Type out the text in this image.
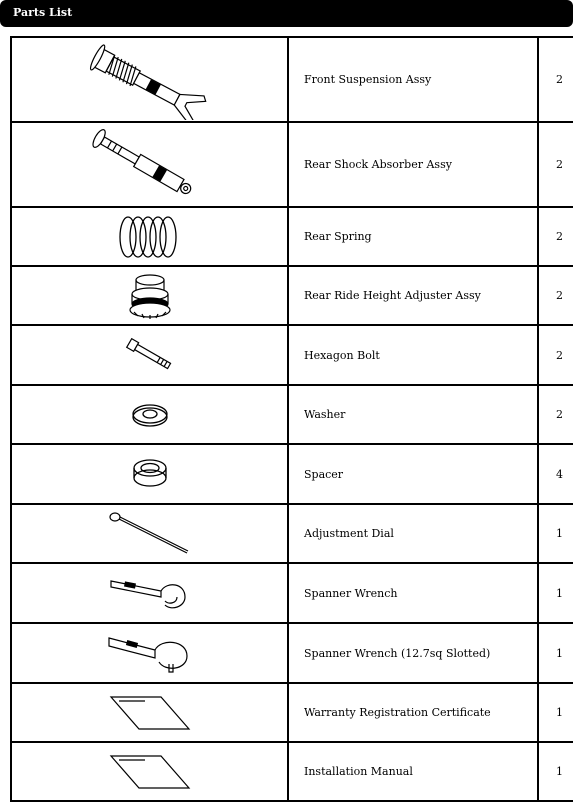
Parts List
	Front Suspension Assy	2

	Rear Shock Absorber Assy	2

	Rear Spring	2

	Rear Ride Height Adjuster Assy	2

	Hexagon Bolt	2

	Washer	2

	Spacer	4

	Adjustment Dial	1

	Spanner Wrench	1

	Spanner Wrench (12.7sq Slotted)	1

	Warranty Registration Certificate	1

	Installation Manual	1
